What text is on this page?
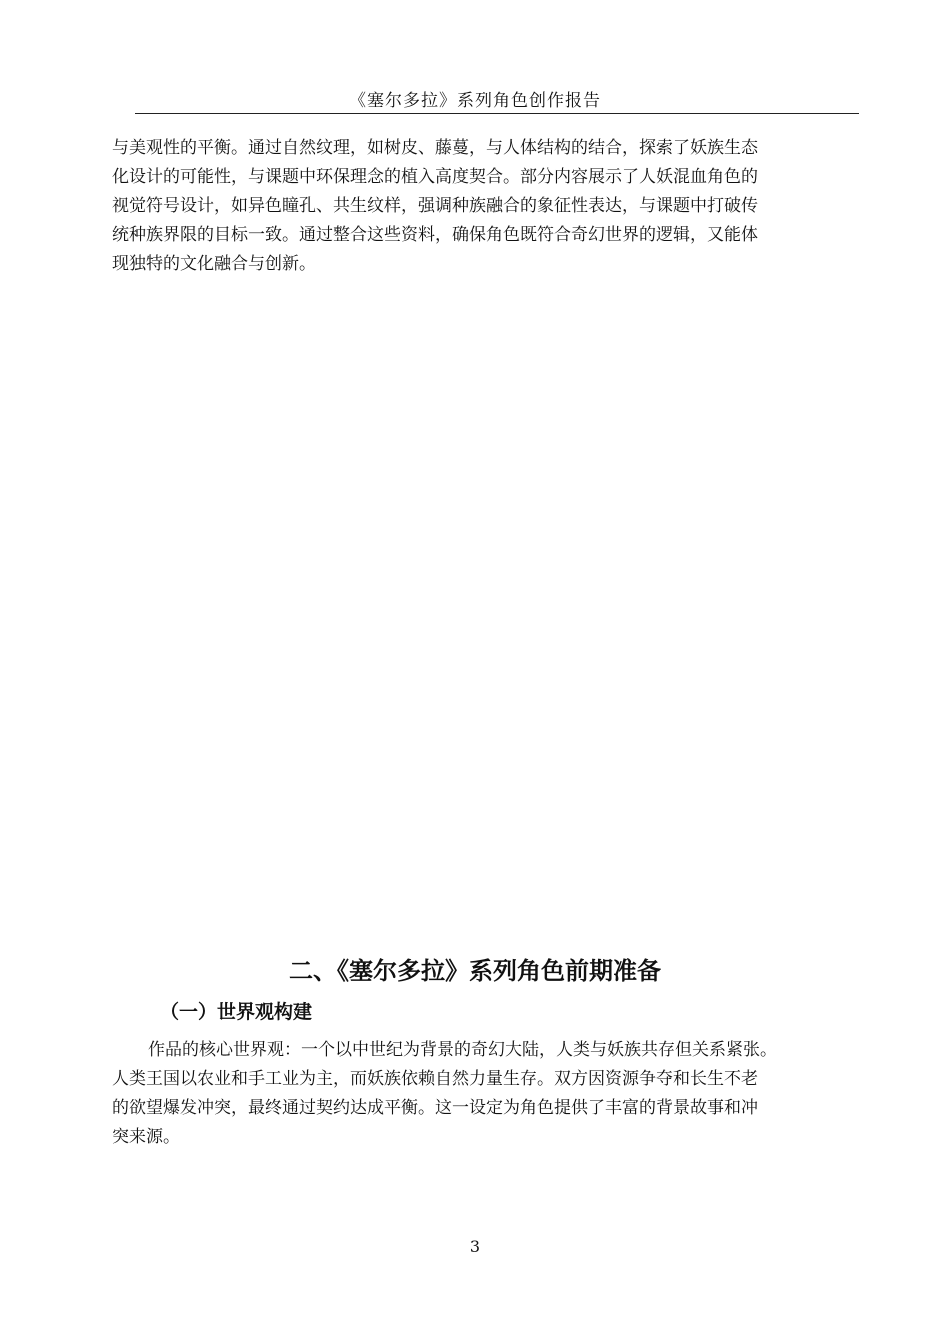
《塞尔多拉》系列角色创作报告

与美观性的平衡。通过自然纹理，如树皮、藤蔓，与人体结构的结合，探索了妖族生态
化设计的可能性，与课题中环保理念的植入高度契合。部分内容展示了人妖混血角色的
视觉符号设计，如异色瞳孔、共生纹样，强调种族融合的象征性表达，与课题中打破传
统种族界限的目标一致。通过整合这些资料，确保角色既符合奇幻世界的逻辑，又能体
现独特的文化融合与创新。

二、《塞尔多拉》系列角色前期准备
（一）世界观构建

作品的核心世界观：一个以中世纪为背景的奇幻大陆，人类与妖族共存但关系紧张。
人类王国以农业和手工业为主，而妖族依赖自然力量生存。双方因资源争夺和长生不老
的欲望爆发冲突，最终通过契约达成平衡。这一设定为角色提供了丰富的背景故事和冲
突来源。

3
